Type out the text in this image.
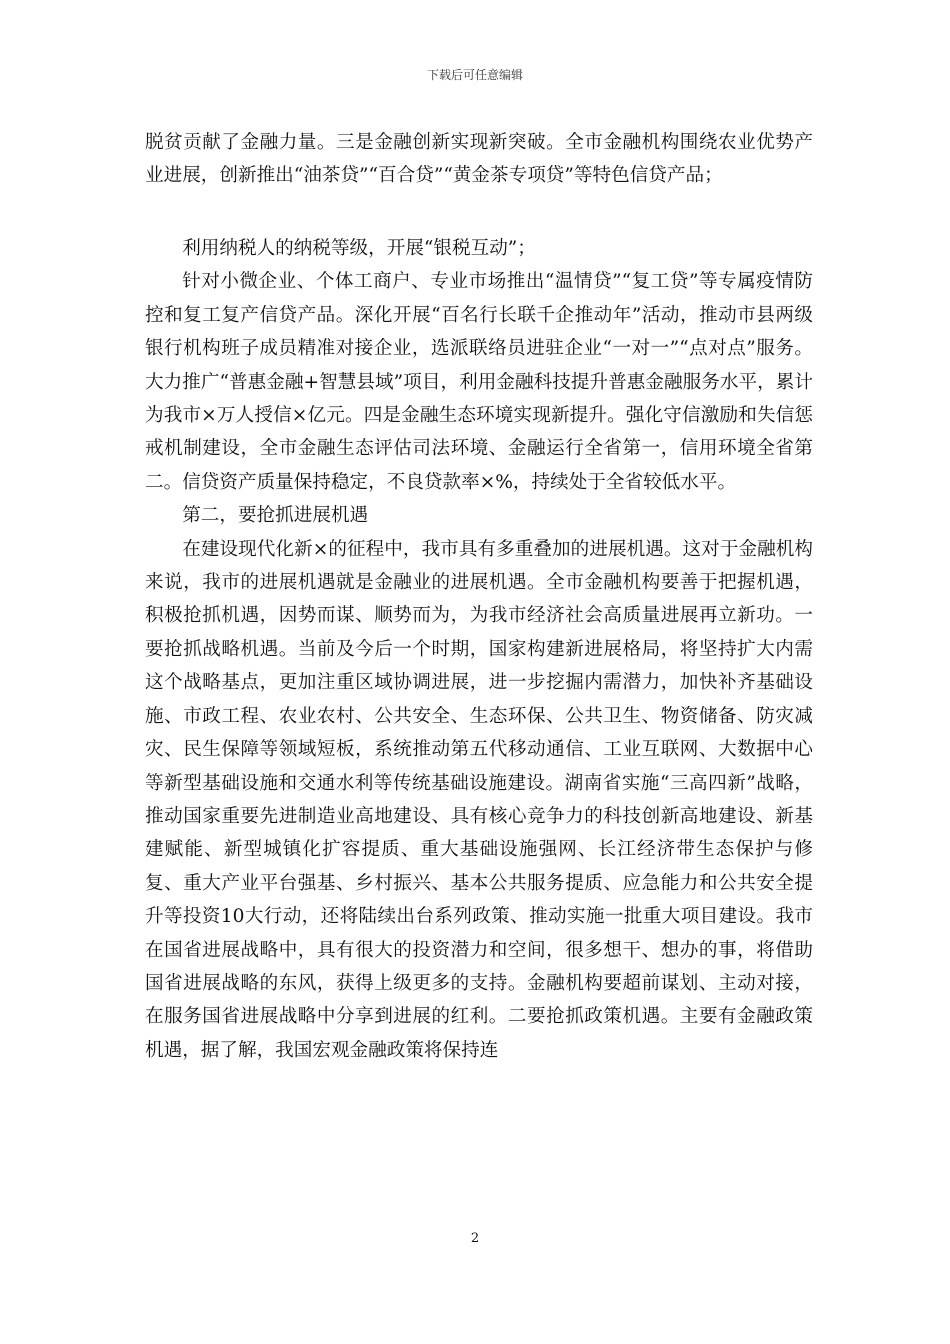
下载后可任意编辑

脱贫贡献了金融力量。三是金融创新实现新突破。全市金融机构围绕农业优势产业进展，创新推出“油茶贷”“百合贷”“黄金茶专项贷”等特色信贷产品；

利用纳税人的纳税等级，开展“银税互动”；

针对小微企业、个体工商户、专业市场推出“温情贷”“复工贷”等专属疫情防控和复工复产信贷产品。深化开展“百名行长联千企推动年”活动，推动市县两级银行机构班子成员精准对接企业，选派联络员进驻企业“一对一”“点对点”服务。大力推广“普惠金融+智慧县域”项目，利用金融科技提升普惠金融服务水平，累计为我市×万人授信×亿元。四是金融生态环境实现新提升。强化守信激励和失信惩戒机制建设，全市金融生态评估司法环境、金融运行全省第一，信用环境全省第二。信贷资产质量保持稳定，不良贷款率×%，持续处于全省较低水平。

第二，要抢抓进展机遇

在建设现代化新×的征程中，我市具有多重叠加的进展机遇。这对于金融机构来说，我市的进展机遇就是金融业的进展机遇。全市金融机构要善于把握机遇，积极抢抓机遇，因势而谋、顺势而为，为我市经济社会高质量进展再立新功。一要抢抓战略机遇。当前及今后一个时期，国家构建新进展格局，将坚持扩大内需这个战略基点，更加注重区域协调进展，进一步挖掘内需潜力，加快补齐基础设施、市政工程、农业农村、公共安全、生态环保、公共卫生、物资储备、防灾减灾、民生保障等领域短板，系统推动第五代移动通信、工业互联网、大数据中心等新型基础设施和交通水利等传统基础设施建设。湖南省实施“三高四新”战略，推动国家重要先进制造业高地建设、具有核心竞争力的科技创新高地建设、新基建赋能、新型城镇化扩容提质、重大基础设施强网、长江经济带生态保护与修复、重大产业平台强基、乡村振兴、基本公共服务提质、应急能力和公共安全提升等投资10大行动，还将陆续出台系列政策、推动实施一批重大项目建设。我市在国省进展战略中，具有很大的投资潜力和空间，很多想干、想办的事，将借助国省进展战略的东风，获得上级更多的支持。金融机构要超前谋划、主动对接，在服务国省进展战略中分享到进展的红利。二要抢抓政策机遇。主要有金融政策机遇，据了解，我国宏观金融政策将保持连

2
